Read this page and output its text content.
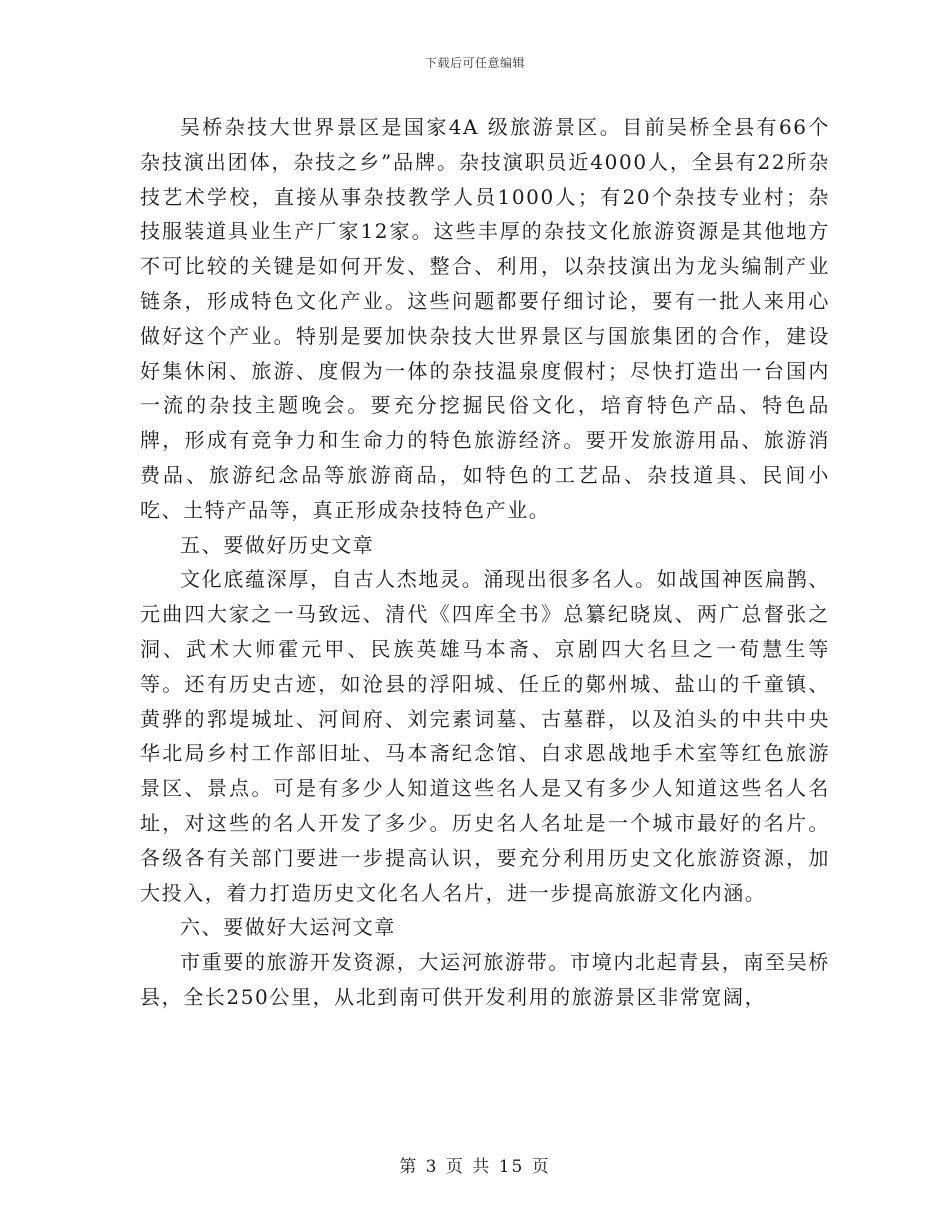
下载后可任意编辑

吴桥杂技大世界景区是国家4A 级旅游景区。目前吴桥全县有66个杂技演出团体，杂技之乡”品牌。杂技演职员近4000人，全县有22所杂技艺术学校，直接从事杂技教学人员1000人；有20个杂技专业村；杂技服装道具业生产厂家12家。这些丰厚的杂技文化旅游资源是其他地方不可比较的关键是如何开发、整合、利用，以杂技演出为龙头编制产业链条，形成特色文化产业。这些问题都要仔细讨论，要有一批人来用心做好这个产业。特别是要加快杂技大世界景区与国旅集团的合作，建设好集休闲、旅游、度假为一体的杂技温泉度假村；尽快打造出一台国内一流的杂技主题晚会。要充分挖掘民俗文化，培育特色产品、特色品牌，形成有竞争力和生命力的特色旅游经济。要开发旅游用品、旅游消费品、旅游纪念品等旅游商品，如特色的工艺品、杂技道具、民间小吃、土特产品等，真正形成杂技特色产业。

五、要做好历史文章

文化底蕴深厚，自古人杰地灵。涌现出很多名人。如战国神医扁鹊、元曲四大家之一马致远、清代《四库全书》总纂纪晓岚、两广总督张之洞、武术大师霍元甲、民族英雄马本斋、京剧四大名旦之一荀慧生等等。还有历史古迹，如沧县的浮阳城、任丘的鄚州城、盐山的千童镇、黄骅的郛堤城址、河间府、刘完素词墓、古墓群，以及泊头的中共中央华北局乡村工作部旧址、马本斋纪念馆、白求恩战地手术室等红色旅游景区、景点。可是有多少人知道这些名人是又有多少人知道这些名人名址，对这些的名人开发了多少。历史名人名址是一个城市最好的名片。各级各有关部门要进一步提高认识，要充分利用历史文化旅游资源，加大投入，着力打造历史文化名人名片，进一步提高旅游文化内涵。

六、要做好大运河文章

市重要的旅游开发资源，大运河旅游带。市境内北起青县，南至吴桥县，全长250公里，从北到南可供开发利用的旅游景区非常宽阔，

第 3 页 共 15 页
